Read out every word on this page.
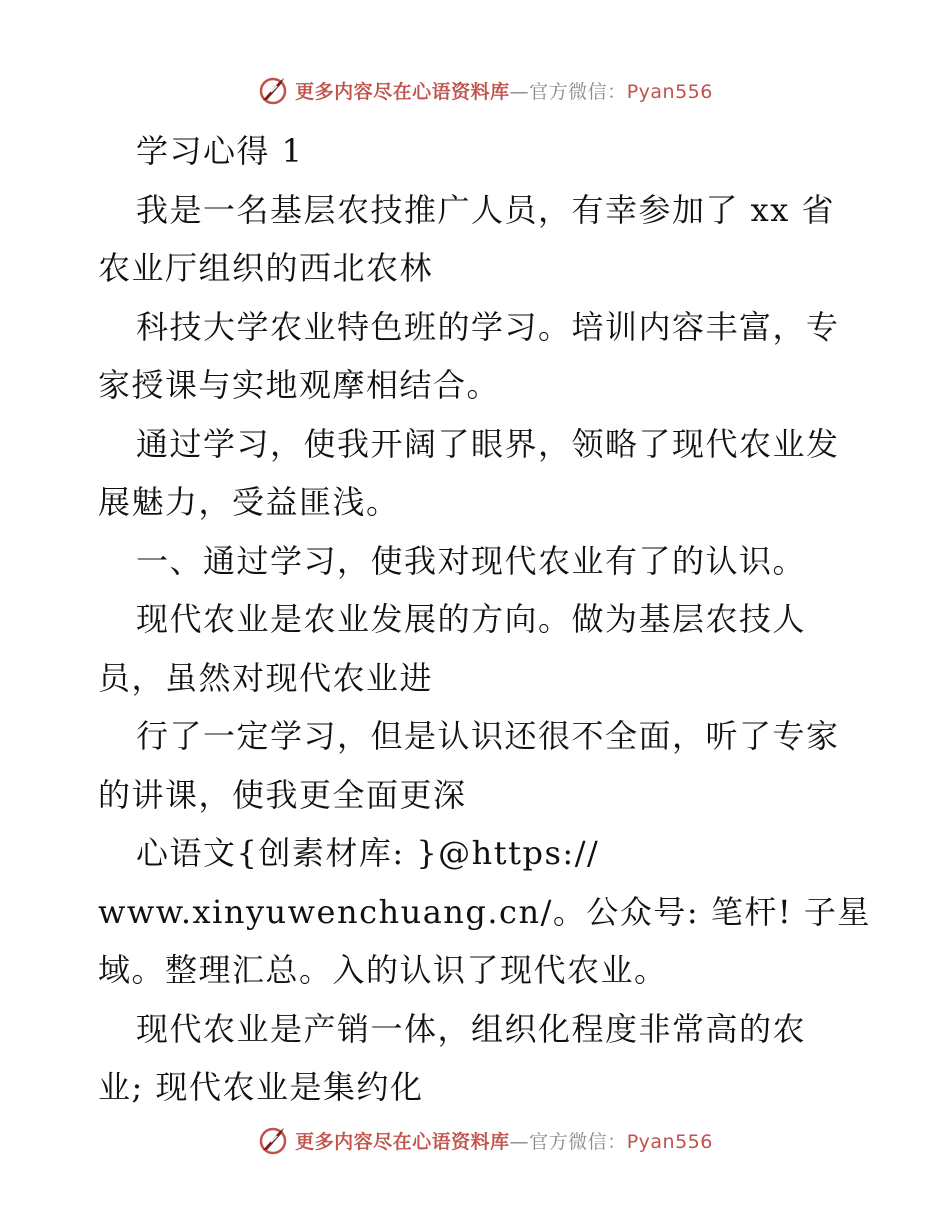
更多内容尽在心语资料库—官方微信：Pyan556
学习心得 1
我是一名基层农技推广人员，有幸参加了 xx 省
农业厅组织的西北农林
科技大学农业特色班的学习。培训内容丰富，专
家授课与实地观摩相结合。
通过学习，使我开阔了眼界，领略了现代农业发
展魅力，受益匪浅。
一、通过学习，使我对现代农业有了的认识。
现代农业是农业发展的方向。做为基层农技人
员，虽然对现代农业进
行了一定学习，但是认识还很不全面，听了专家
的讲课，使我更全面更深
心语文{创素材库: }@https://
www.xinyuwenchuang.cn/。公众号: 笔杆! 子星
域。整理汇总。入的认识了现代农业。
现代农业是产销一体，组织化程度非常高的农
业; 现代农业是集约化
更多内容尽在心语资料库—官方微信：Pyan556
